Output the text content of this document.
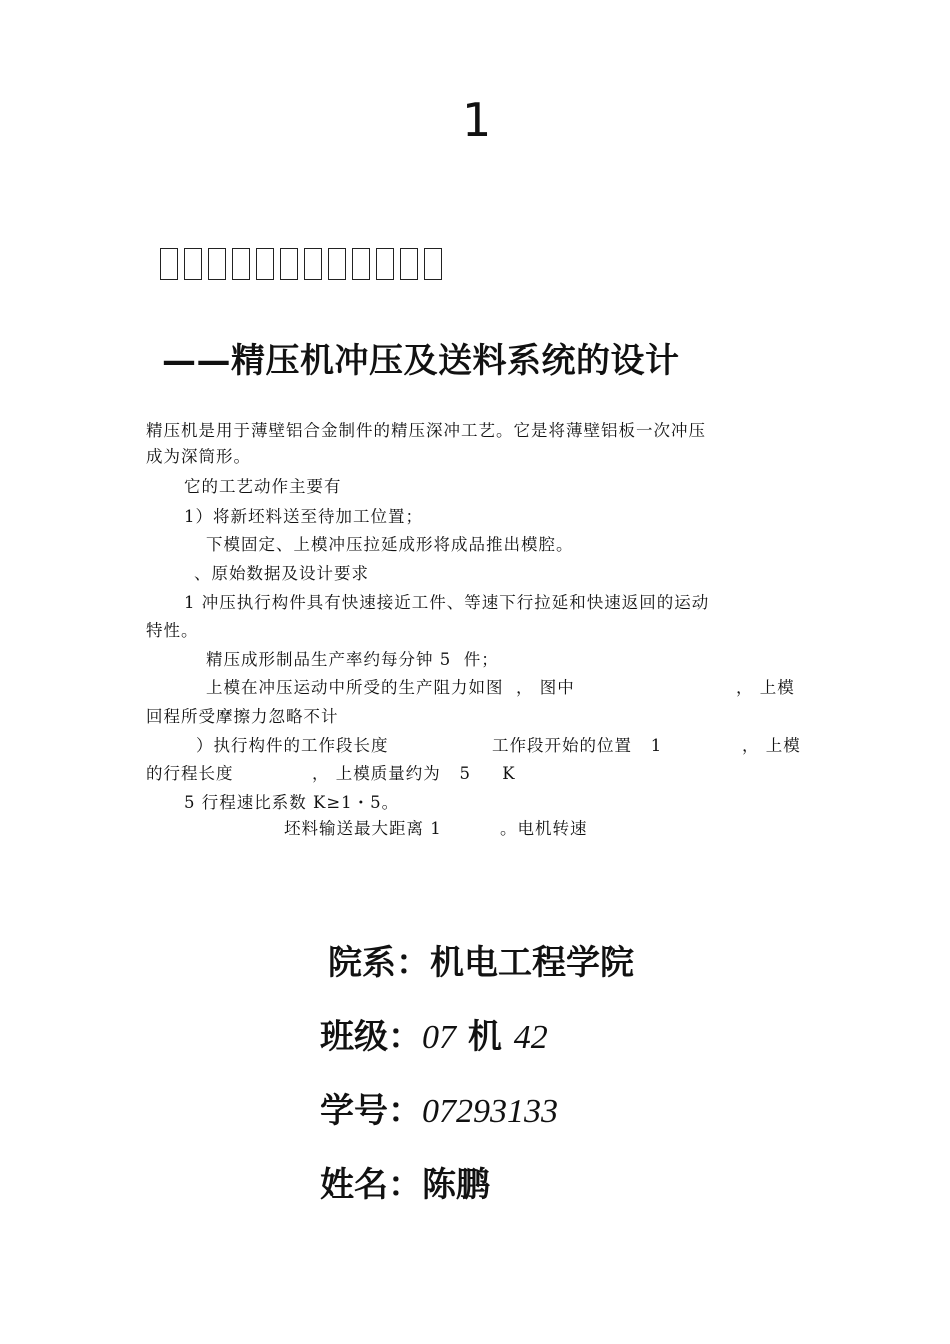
1
——精压机冲压及送料系统的设计
精压机是用于薄壁铝合金制件的精压深冲工艺。它是将薄壁铝板一次冲压
成为深筒形。
它的工艺动作主要有
1）将新坯料送至待加工位置；
下模固定、上模冲压拉延成形将成品推出模腔。
、原始数据及设计要求
1 冲压执行构件具有快速接近工件、等速下行拉延和快速返回的运动
特性。
精压成形制品生产率约每分钟 5  件；
上模在冲压运动中所受的生产阻力如图  ， 图中	， 上模
回程所受摩擦力忽略不计
）执行构件的工作段长度	工作段开始的位置   1	， 上模
的行程长度	， 上模质量约为   5     K
5 行程速比系数 K≥1・5。
坯料输送最大距离 1	。电机转速
院系：机电工程学院
班级：07 机 42
学号：07293133
姓名：陈鹏
